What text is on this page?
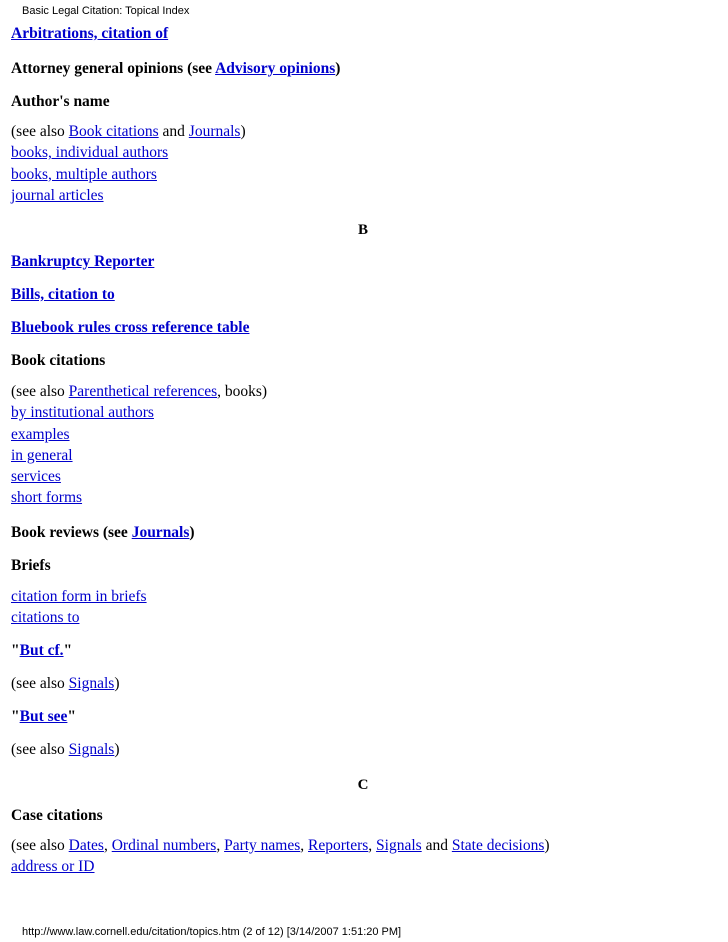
Basic Legal Citation: Topical Index
Arbitrations, citation of
Attorney general opinions (see Advisory opinions)
Author's name
(see also Book citations and Journals)
books, individual authors
books, multiple authors
journal articles
B
Bankruptcy Reporter
Bills, citation to
Bluebook rules cross reference table
Book citations
(see also Parenthetical references, books)
by institutional authors
examples
in general
services
short forms
Book reviews (see Journals)
Briefs
citation form in briefs
citations to
"But cf."
(see also Signals)
"But see"
(see also Signals)
C
Case citations
(see also Dates, Ordinal numbers, Party names, Reporters, Signals and State decisions)
address or ID
http://www.law.cornell.edu/citation/topics.htm (2 of 12) [3/14/2007 1:51:20 PM]
